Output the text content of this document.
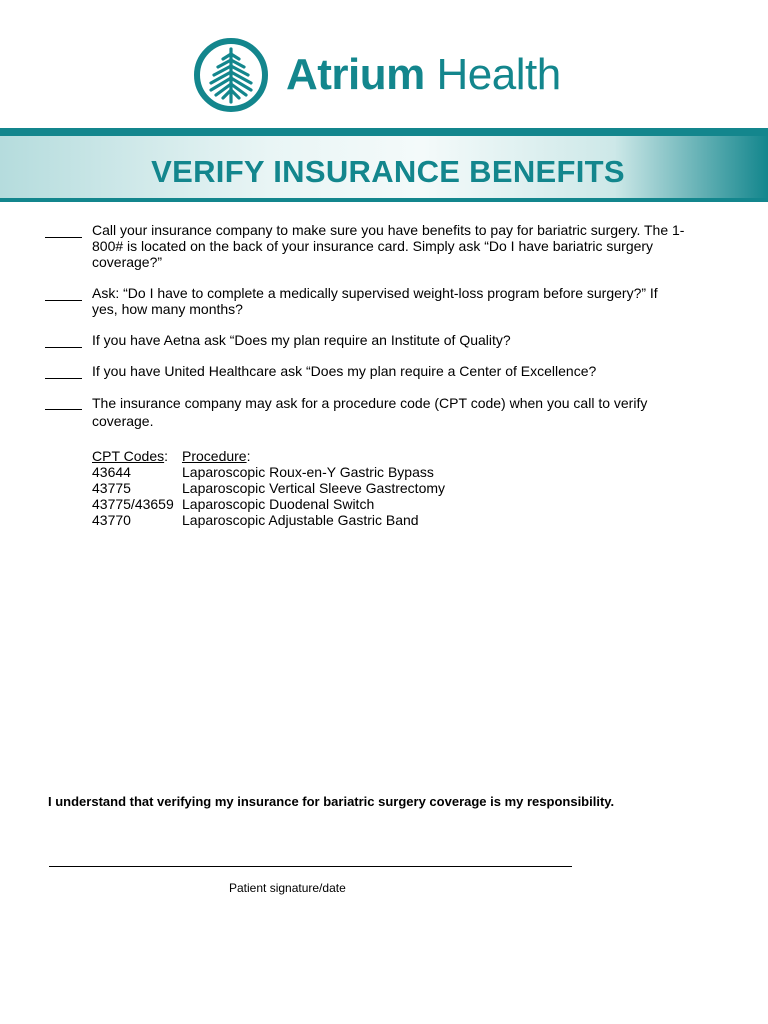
Atrium Health
VERIFY INSURANCE BENEFITS
Call your insurance company to make sure you have benefits to pay for bariatric surgery. The 1-800# is located on the back of your insurance card. Simply ask “Do I have bariatric surgery coverage?”
Ask: “Do I have to complete a medically supervised weight-loss program before surgery?” If yes, how many months?
If you have Aetna ask “Does my plan require an Institute of Quality?
If you have United Healthcare ask “Does my plan require a Center of Excellence?
The insurance company may ask for a procedure code (CPT code) when you call to verify coverage.
CPT Codes:	Procedure:
43644	Laparoscopic Roux-en-Y Gastric Bypass
43775	Laparoscopic Vertical Sleeve Gastrectomy
43775/43659 Laparoscopic Duodenal Switch
43770	Laparoscopic Adjustable Gastric Band
I understand that verifying my insurance for bariatric surgery coverage is my responsibility.
Patient signature/date
